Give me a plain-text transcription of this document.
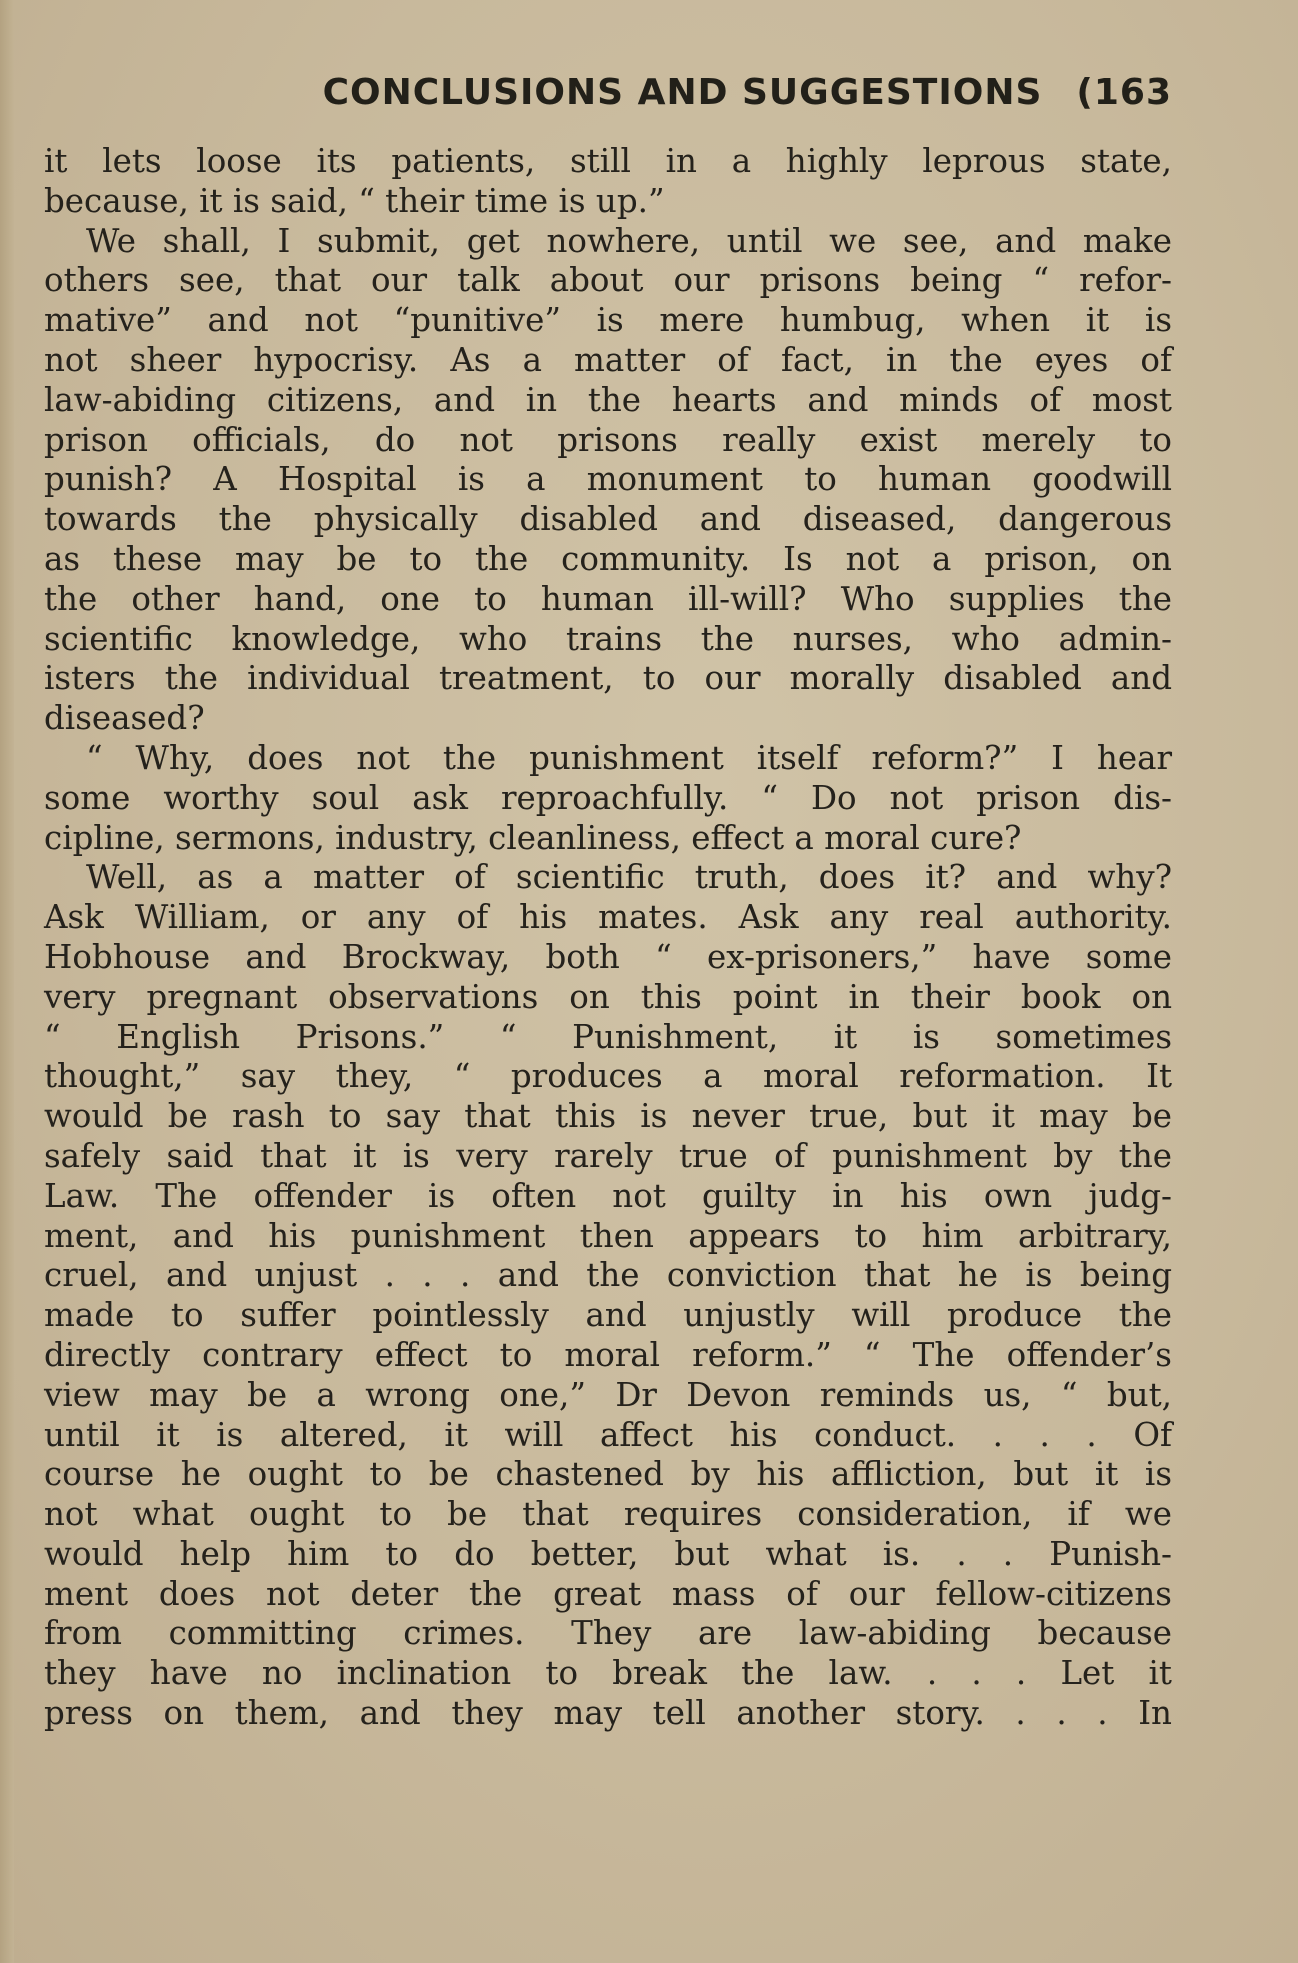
CONCLUSIONS AND SUGGESTIONS (163
it lets loose its patients, still in a highly leprous state,
because, it is said, “ their time is up.”
We shall, I submit, get nowhere, until we see, and make
others see, that our talk about our prisons being “ refor-
mative” and not “punitive” is mere humbug, when it is
not sheer hypocrisy. As a matter of fact, in the eyes of
law-abiding citizens, and in the hearts and minds of most
prison officials, do not prisons really exist merely to
punish? A Hospital is a monument to human goodwill
towards the physically disabled and diseased, dangerous
as these may be to the community. Is not a prison, on
the other hand, one to human ill-will? Who supplies the
scientific knowledge, who trains the nurses, who admin-
isters the individual treatment, to our morally disabled and
diseased?
“ Why, does not the punishment itself reform?” I hear
some worthy soul ask reproachfully. “ Do not prison dis-
cipline, sermons, industry, cleanliness, effect a moral cure?
Well, as a matter of scientific truth, does it? and why?
Ask William, or any of his mates. Ask any real authority.
Hobhouse and Brockway, both “ ex-prisoners,” have some
very pregnant observations on this point in their book on
“ English Prisons.” “ Punishment, it is sometimes
thought,” say they, “ produces a moral reformation. It
would be rash to say that this is never true, but it may be
safely said that it is very rarely true of punishment by the
Law. The offender is often not guilty in his own judg-
ment, and his punishment then appears to him arbitrary,
cruel, and unjust . . . and the conviction that he is being
made to suffer pointlessly and unjustly will produce the
directly contrary effect to moral reform.” “ The offender’s
view may be a wrong one,” Dr Devon reminds us, “ but,
until it is altered, it will affect his conduct. . . . Of
course he ought to be chastened by his affliction, but it is
not what ought to be that requires consideration, if we
would help him to do better, but what is. . . Punish-
ment does not deter the great mass of our fellow-citizens
from committing crimes. They are law-abiding because
they have no inclination to break the law. . . . Let it
press on them, and they may tell another story. . . . In
